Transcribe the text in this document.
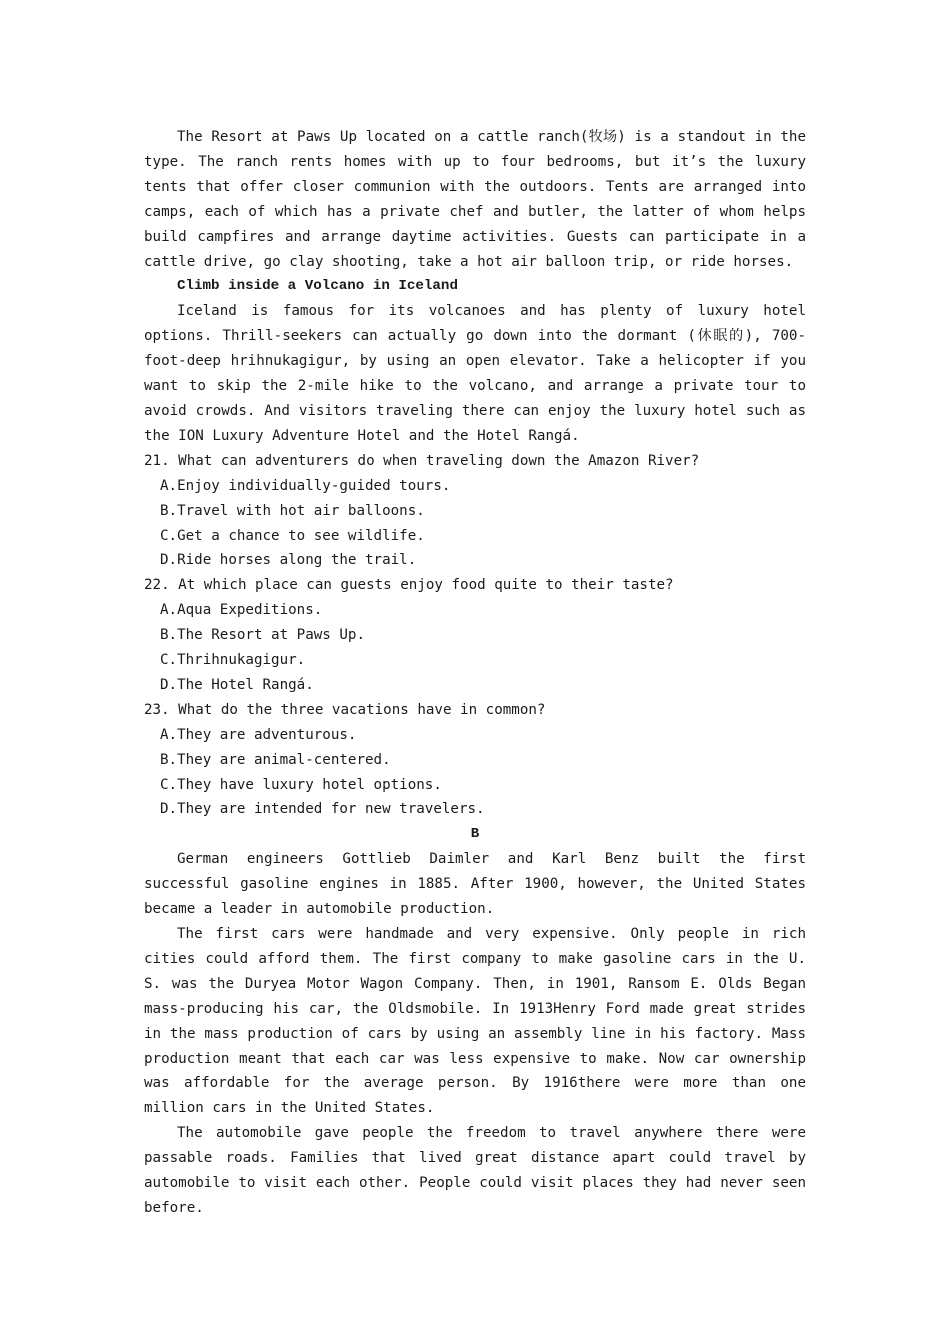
The Resort at Paws Up located on a cattle ranch(牧场) is a standout in the type. The ranch rents homes with up to four bedrooms, but it’s the luxury tents that offer closer communion with the outdoors. Tents are arranged into camps, each of which has a private chef and butler, the latter of whom helps build campfires and arrange daytime activities. Guests can participate in a cattle drive, go clay shooting, take a hot air balloon trip, or ride horses.

Climb inside a Volcano in Iceland

Iceland is famous for its volcanoes and has plenty of luxury hotel options. Thrill-seekers can actually go down into the dormant (休眠的), 700-foot-deep hrihnukagigur, by using an open elevator. Take a helicopter if you want to skip the 2-mile hike to the volcano, and arrange a private tour to avoid crowds. And visitors traveling there can enjoy the luxury hotel such as the ION Luxury Adventure Hotel and the Hotel Rangá.

21. What can adventurers do when traveling down the Amazon River?

A.Enjoy individually-guided tours.

B.Travel with hot air balloons.

C.Get a chance to see wildlife.

D.Ride horses along the trail.

22. At which place can guests enjoy food quite to their taste?

A.Aqua Expeditions.

B.The Resort at Paws Up.

C.Thrihnukagigur.

D.The Hotel Rangá.

23. What do the three vacations have in common?

A.They are adventurous.

B.They are animal-centered.

C.They have luxury hotel options.

D.They are intended for new travelers.

B

German engineers Gottlieb Daimler and Karl Benz built the first successful gasoline engines in 1885. After 1900, however, the United States became a leader in automobile production.

The first cars were handmade and very expensive. Only people in rich cities could afford them. The first company to make gasoline cars in the U. S. was the Duryea Motor Wagon Company. Then, in 1901, Ransom E. Olds Began mass-producing his car, the Oldsmobile. In 1913Henry Ford made great strides in the mass production of cars by using an assembly line in his factory. Mass production meant that each car was less expensive to make. Now car ownership was affordable for the average person. By 1916there were more than one million cars in the United States.

The automobile gave people the freedom to travel anywhere there were passable roads. Families that lived great distance apart could travel by automobile to visit each other. People could visit places they had never seen before.
